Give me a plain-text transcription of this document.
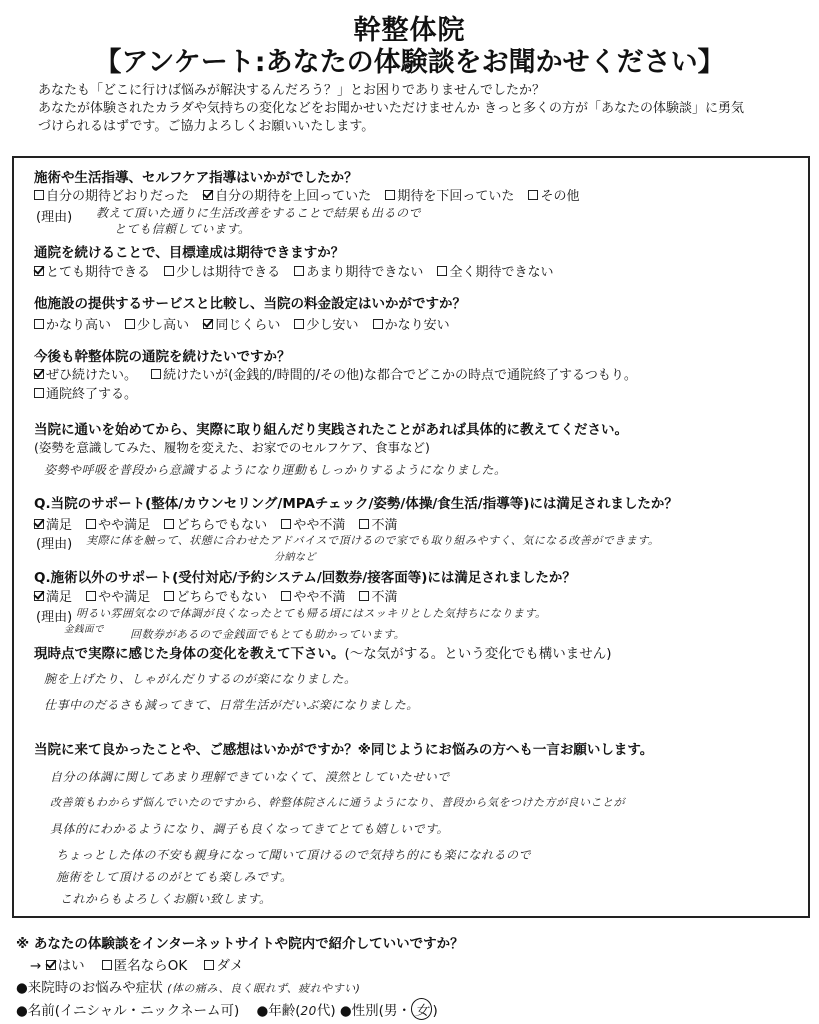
幹整体院
【アンケート:あなたの体験談をお聞かせください】
あなたも「どこに行けば悩みが解決するんだろう？」とお困りでありませんでしたか？
あなたが体験されたカラダや気持ちの変化などをお聞かせいただけませんか きっと多くの方が「あなたの体験談」に勇気
づけられるはずです。ご協力よろしくお願いいたします。
施術や生活指導、セルフケア指導はいかがでしたか？
自分の期待どおりだった 自分の期待を上回っていた 期待を下回っていた その他
(理由) 教えて頂いた通りに生活改善をすることで結果も出るので
とても信頼しています。
通院を続けることで、目標達成は期待できますか？
とても期待できる 少しは期待できる あまり期待できない 全く期待できない
他施設の提供するサービスと比較し、当院の料金設定はいかがですか？
かなり高い 少し高い 同じくらい 少し安い かなり安い
今後も幹整体院の通院を続けたいですか？
ぜひ続けたい。 続けたいが(金銭的/時間的/その他)な都合でどこかの時点で通院終了するつもり。
通院終了する。
当院に通いを始めてから、実際に取り組んだり実践されたことがあれば具体的に教えてください。
(姿勢を意識してみた、履物を変えた、お家でのセルフケア、食事など)
姿勢や呼吸を普段から意識するようになり運動もしっかりするようになりました。
Q.当院のサポート(整体/カウンセリング/MPAチェック/姿勢/体操/食生活/指導等)には満足されましたか？
満足 やや満足 どちらでもない やや不満 不満
(理由) 実際に体を触って、状態に合わせたアドバイスで頂けるので家でも取り組みやすく、気になる改善ができます。
分納など
Q.施術以外のサポート(受付対応/予約システム/回数券/接客面等)には満足されましたか？
満足 やや満足 どちらでもない やや不満 不満
(理由) 明るい雰囲気なので体調が良くなったとても帰る頃にはスッキリとした気持ちになります。
金銭面で 回数券があるので金銭面でもとても助かっています。
現時点で実際に感じた身体の変化を教えて下さい。(〜な気がする。という変化でも構いません)
腕を上げたり、しゃがんだりするのが楽になりました。
仕事中のだるさも減ってきて、日常生活がだいぶ楽になりました。
当院に来て良かったことや、ご感想はいかがですか？※同じようにお悩みの方へも一言お願いします。
自分の体調に関してあまり理解できていなくて、漠然としていたせいで
改善策もわからず悩んでいたのですから、幹整体院さんに通うようになり、普段から気をつけた方が良いことが
具体的にわかるようになり、調子も良くなってきてとても嬉しいです。
ちょっとした体の不安も親身になって聞いて頂けるので気持ち的にも楽になれるので
施術をして頂けるのがとても楽しみです。
これからもよろしくお願い致します。
※ あなたの体験談をインターネットサイトや院内で紹介していいですか？
→ はい 匿名ならOK ダメ
●来院時のお悩みや症状 (体の痛み、良く眠れず、疲れやすい)
●名前(イニシャル・ニックネーム可) ●年齢(20代) ●性別(男・ 女 )
